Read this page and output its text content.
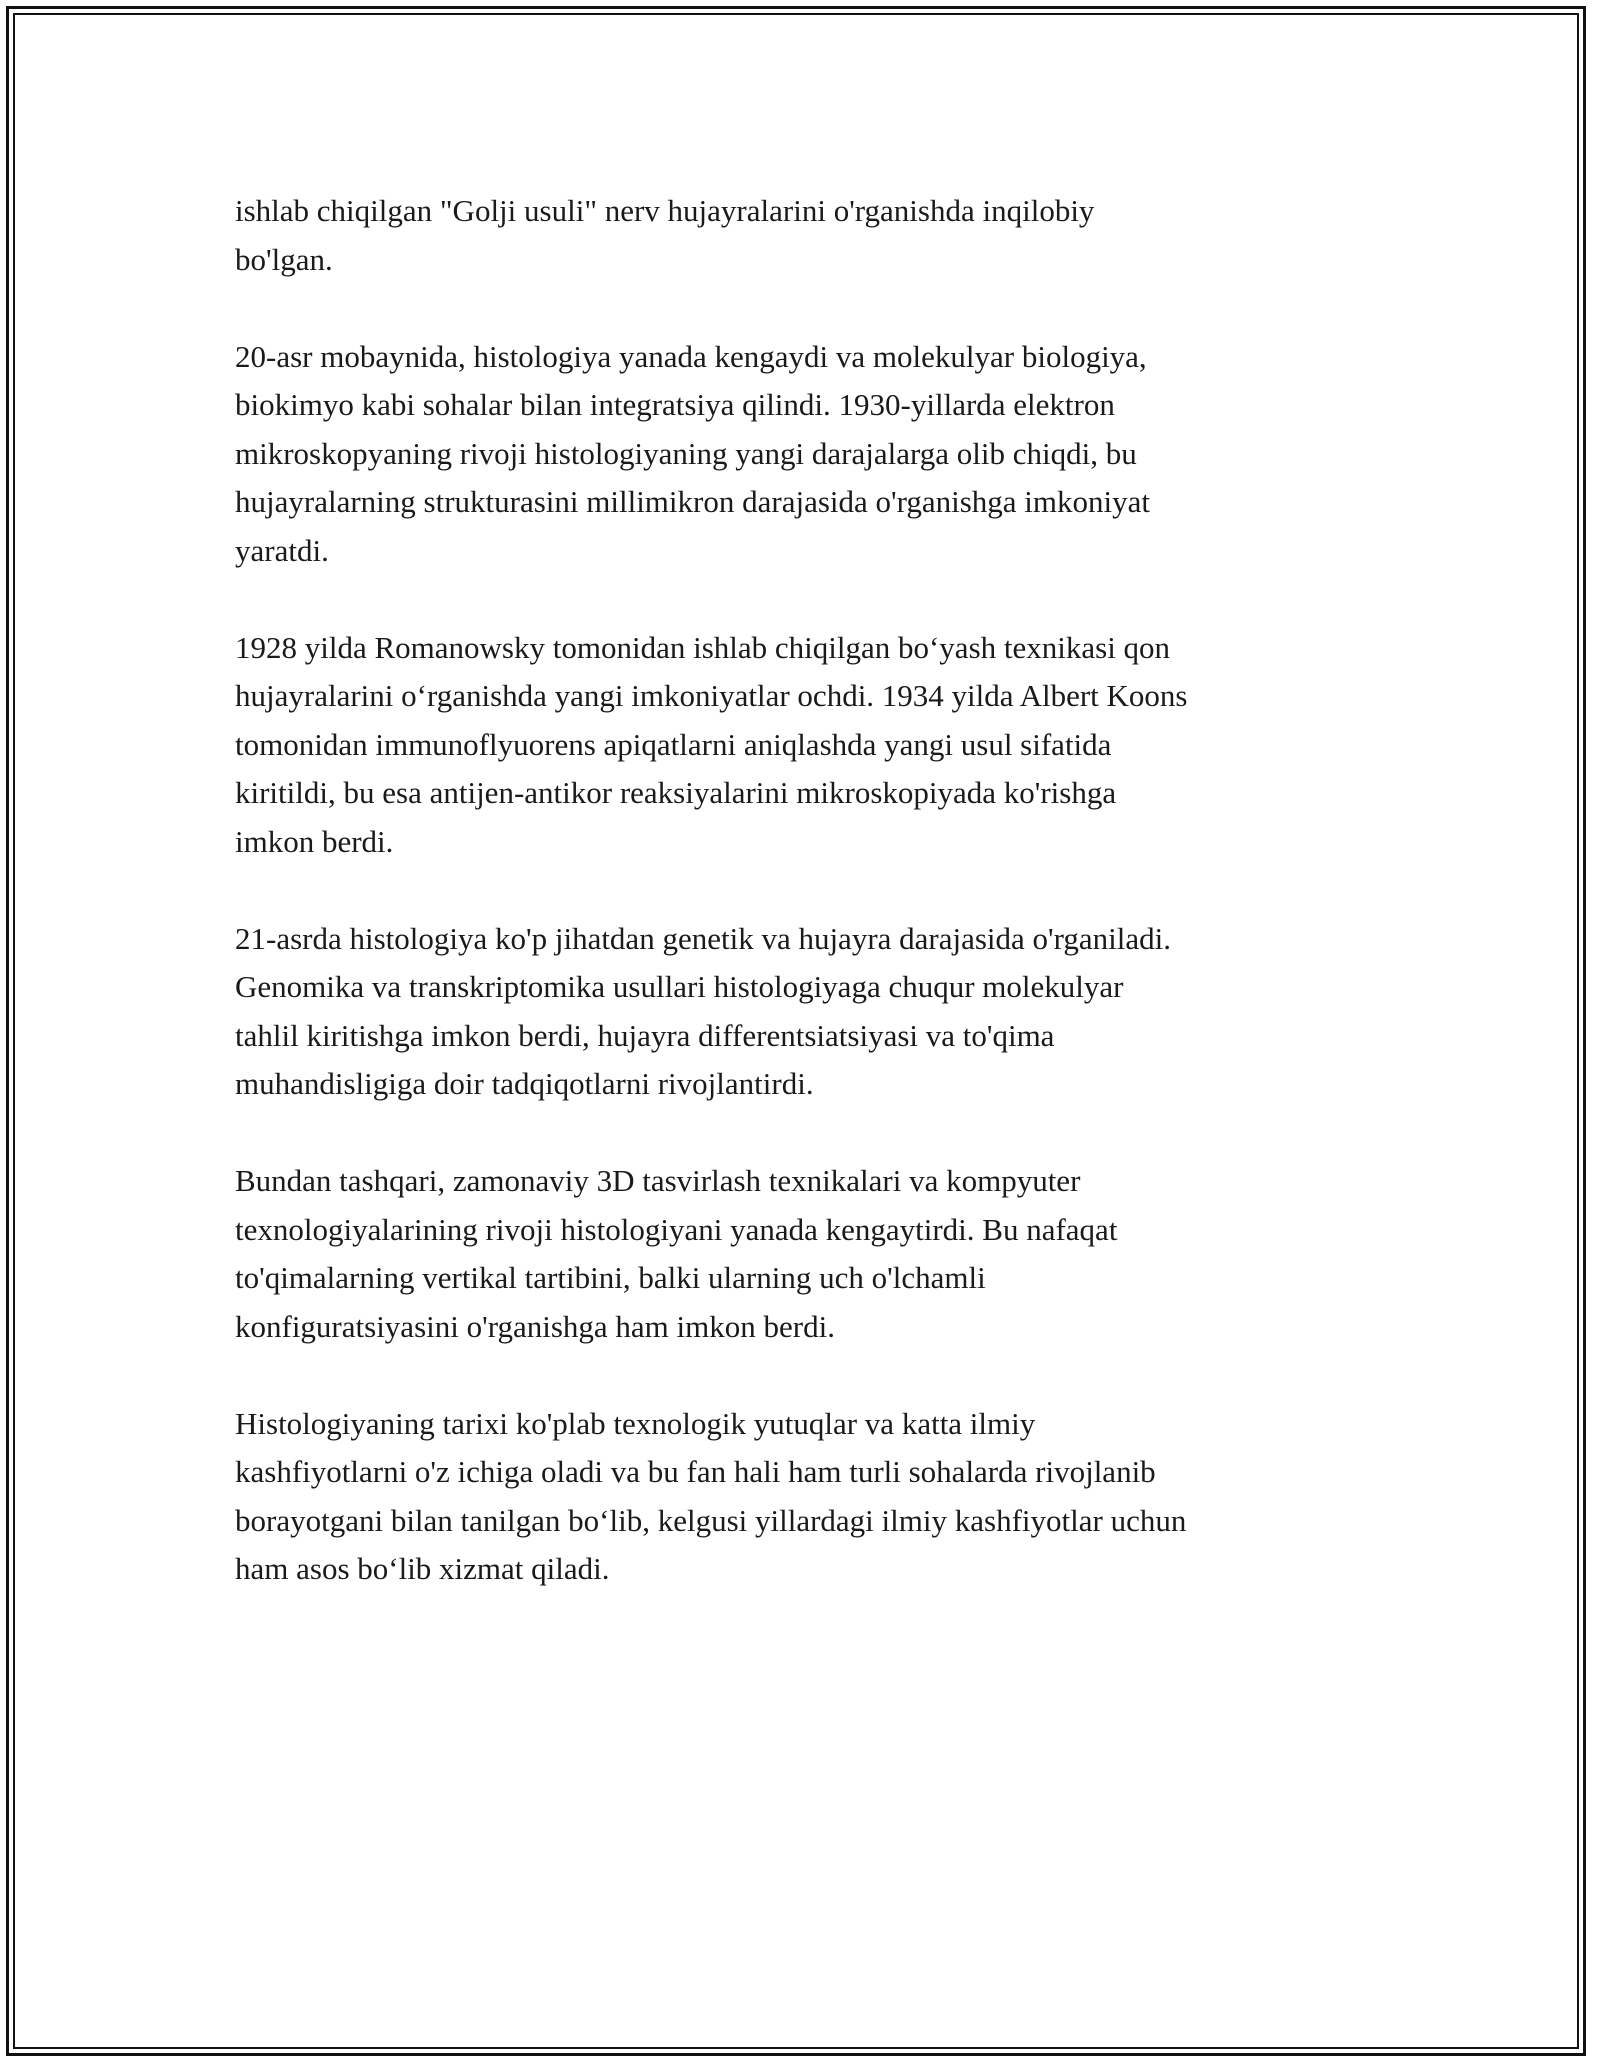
ishlab chiqilgan "Golji usuli" nerv hujayralarini o'rganishda inqilobiy
bo'lgan.

20-asr mobaynida, histologiya yanada kengaydi va molekulyar biologiya,
biokimyo kabi sohalar bilan integratsiya qilindi. 1930-yillarda elektron
mikroskopyaning rivoji histologiyaning yangi darajalarga olib chiqdi, bu
hujayralarning strukturasini millimikron darajasida o'rganishga imkoniyat
yaratdi.

1928 yilda Romanowsky tomonidan ishlab chiqilgan bo‘yash texnikasi qon
hujayralarini o‘rganishda yangi imkoniyatlar ochdi. 1934 yilda Albert Koons
tomonidan immunoflyuorens apiqatlarni aniqlashda yangi usul sifatida
kiritildi, bu esa antijen-antikor reaksiyalarini mikroskopiyada ko'rishga
imkon berdi.

21-asrda histologiya ko'p jihatdan genetik va hujayra darajasida o'rganiladi.
Genomika va transkriptomika usullari histologiyaga chuqur molekulyar
tahlil kiritishga imkon berdi, hujayra differentsiatsiyasi va to'qima
muhandisligiga doir tadqiqotlarni rivojlantirdi.

Bundan tashqari, zamonaviy 3D tasvirlash texnikalari va kompyuter
texnologiyalarining rivoji histologiyani yanada kengaytirdi. Bu nafaqat
to'qimalarning vertikal tartibini, balki ularning uch o'lchamli
konfiguratsiyasini o'rganishga ham imkon berdi.

Histologiyaning tarixi ko'plab texnologik yutuqlar va katta ilmiy
kashfiyotlarni o'z ichiga oladi va bu fan hali ham turli sohalarda rivojlanib
borayotgani bilan tanilgan bo‘lib, kelgusi yillardagi ilmiy kashfiyotlar uchun
ham asos bo‘lib xizmat qiladi.
